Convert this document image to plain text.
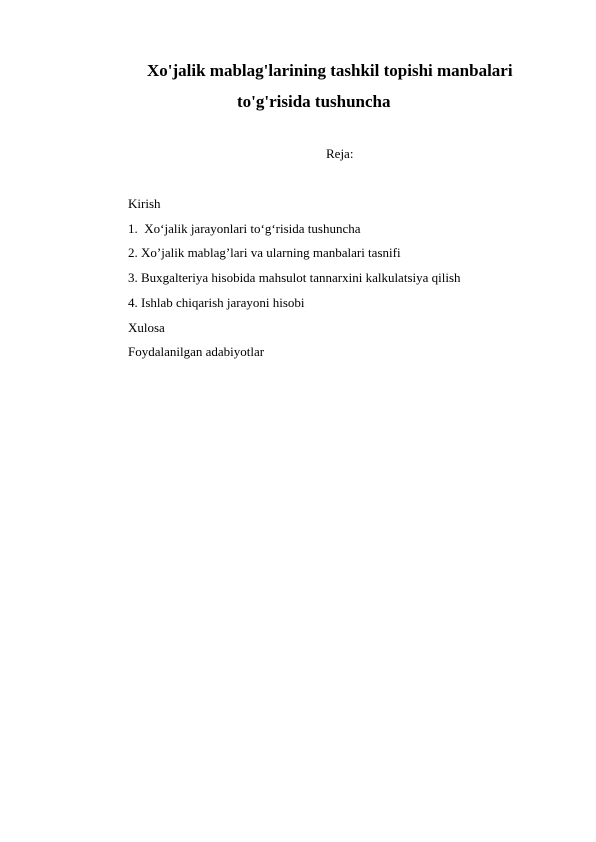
Xo'jalik mablag'larining tashkil topishi manbalari
to'g'risida tushuncha

Reja:

Kirish
1.  Xo‘jalik jarayonlari to‘g‘risida tushuncha
2. Xo’jalik mablag’lari va ularning manbalari tasnifi
3. Buxgalteriya hisobida mahsulot tannarxini kalkulatsiya qilish
4. Ishlab chiqarish jarayoni hisobi
Xulosa
Foydalanilgan adabiyotlar
